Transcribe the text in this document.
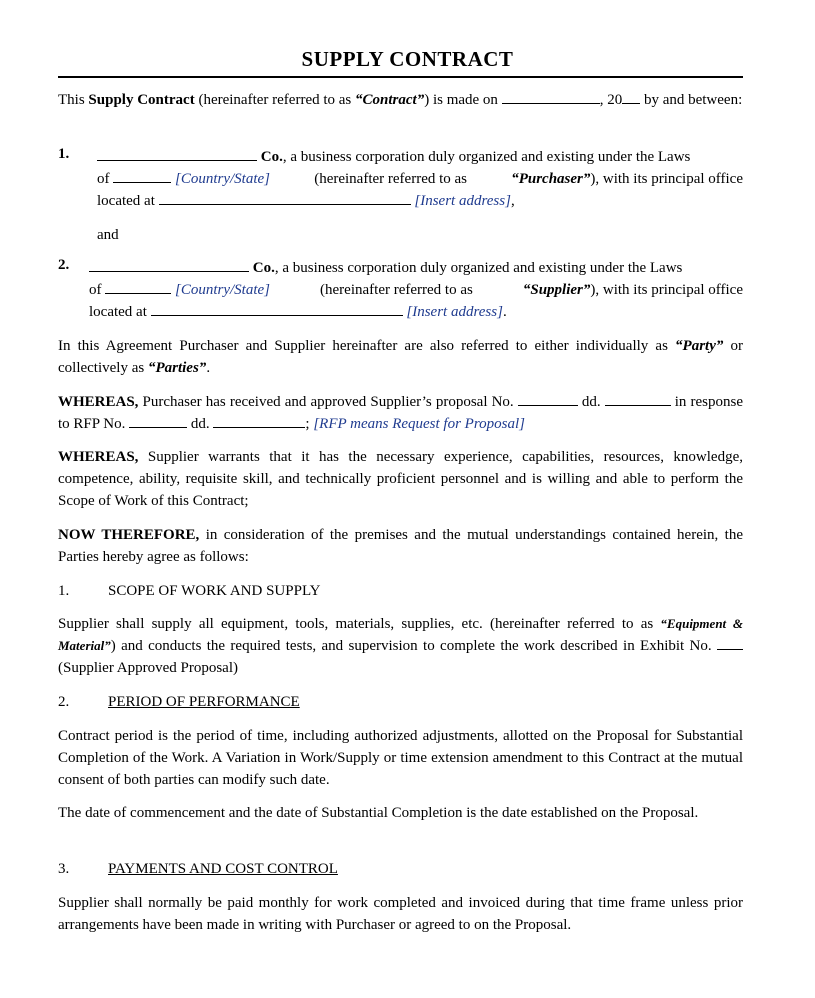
SUPPLY CONTRACT

This Supply Contract (hereinafter referred to as “Contract”) is made on	, 20 by and between:

1.	Co., a business corporation duly organized and existing under the Laws
of	[Country/State]	(hereinafter referred to as	“Purchaser”), with its principal office
located at	[Insert address],
and
2.	Co., a business corporation duly organized and existing under the Laws
of	[Country/State]	(hereinafter referred to as	“Supplier”), with its principal office
located at	[Insert address].

In this Agreement Purchaser and Supplier hereinafter are also referred to either individually as “Party” or collectively as “Parties”.

WHEREAS, Purchaser has received and approved Supplier’s proposal No.	dd.	in response to RFP No.	dd.	; [RFP means Request for Proposal]

WHEREAS, Supplier warrants that it has the necessary experience, capabilities, resources, knowledge, competence, ability, requisite skill, and technically proficient personnel and is willing and able to perform the Scope of Work of this Contract;

NOW THEREFORE, in consideration of the premises and the mutual understandings contained herein, the Parties hereby agree as follows:

1.	SCOPE OF WORK AND SUPPLY

Supplier shall supply all equipment, tools, materials, supplies, etc. (hereinafter referred to as “Equipment & Material”) and conducts the required tests, and supervision to complete the work described in Exhibit No.  (Supplier Approved Proposal)

2.	PERIOD OF PERFORMANCE

Contract period is the period of time, including authorized adjustments, allotted on the Proposal for Substantial Completion of the Work. A Variation in Work/Supply or time extension amendment to this Contract at the mutual consent of both parties can modify such date.

The date of commencement and the date of Substantial Completion is the date established on the Proposal.

3.	PAYMENTS AND COST CONTROL

Supplier shall normally be paid monthly for work completed and invoiced during that time frame unless prior arrangements have been made in writing with Purchaser or agreed to on the Proposal.
